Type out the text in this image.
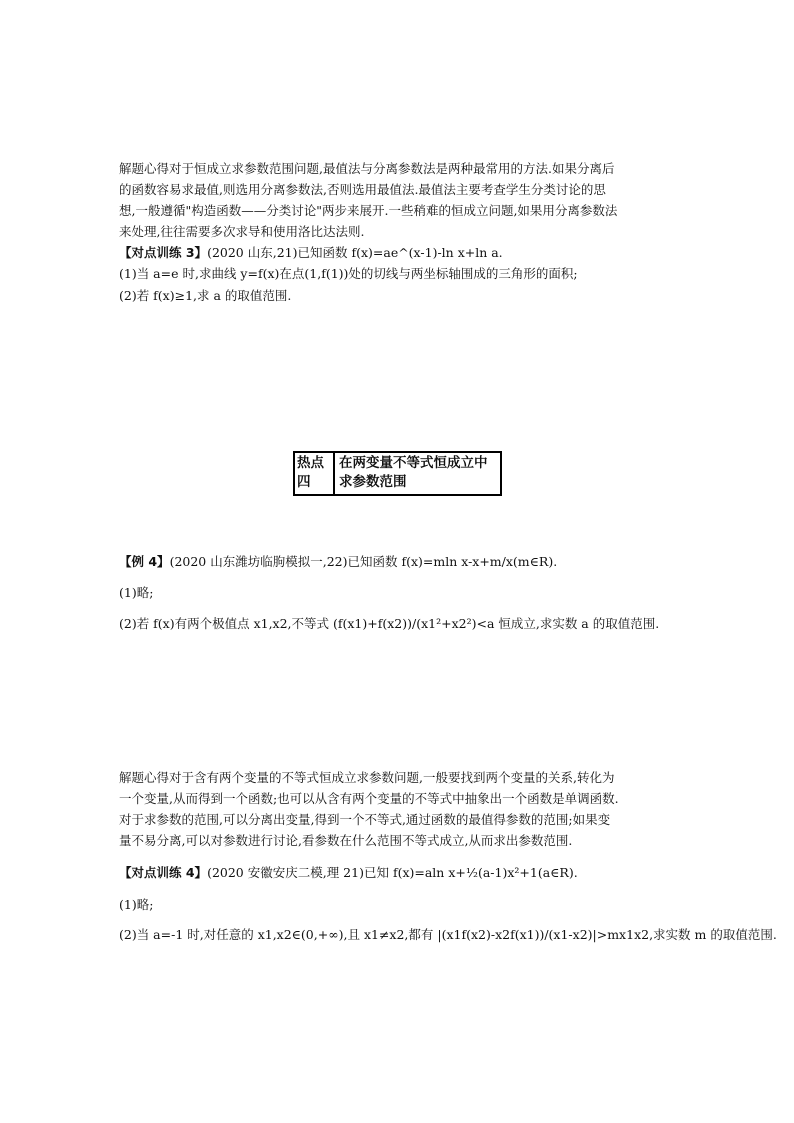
解题心得对于恒成立求参数范围问题,最值法与分离参数法是两种最常用的方法.如果分离后
的函数容易求最值,则选用分离参数法,否则选用最值法.最值法主要考查学生分类讨论的思
想,一般遵循"构造函数——分类讨论"两步来展开.一些稍难的恒成立问题,如果用分离参数法
来处理,往往需要多次求导和使用洛比达法则.
【对点训练 3】(2020 山东,21)已知函数 f(x)=ae^(x-1)-ln x+ln a.
(1)当 a=e 时,求曲线 y=f(x)在点(1,f(1))处的切线与两坐标轴围成的三角形的面积;
(2)若 f(x)≥1,求 a 的取值范围.
热点四
在两变量不等式恒成立中求参数范围
【例 4】(2020 山东潍坊临朐模拟一,22)已知函数 f(x)=mln x-x+m/x(m∈R).
(1)略;
(2)若 f(x)有两个极值点 x1,x2,不等式 (f(x1)+f(x2))/(x1²+x2²)<a 恒成立,求实数 a 的取值范围.
解题心得对于含有两个变量的不等式恒成立求参数问题,一般要找到两个变量的关系,转化为
一个变量,从而得到一个函数;也可以从含有两个变量的不等式中抽象出一个函数是单调函数.
对于求参数的范围,可以分离出变量,得到一个不等式,通过函数的最值得参数的范围;如果变
量不易分离,可以对参数进行讨论,看参数在什么范围不等式成立,从而求出参数范围.
【对点训练 4】(2020 安徽安庆二模,理 21)已知 f(x)=aln x+½(a-1)x²+1(a∈R).
(1)略;
(2)当 a=-1 时,对任意的 x1,x2∈(0,+∞),且 x1≠x2,都有 |(x1f(x2)-x2f(x1))/(x1-x2)|>mx1x2,求实数 m 的取值范围.
